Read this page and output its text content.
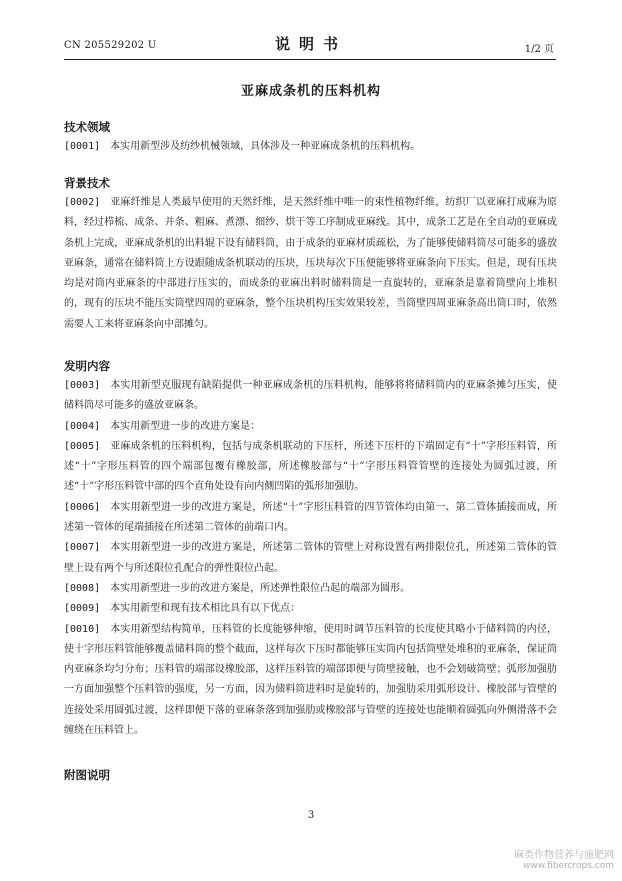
CN 205529202 U	说明书	1/2 页
亚麻成条机的压料机构

技术领域

[0001]  本实用新型涉及纺纱机械领域，具体涉及一种亚麻成条机的压料机构。

背景技术

[0002]  亚麻纤维是人类最早使用的天然纤维，是天然纤维中唯一的束性植物纤维，纺织厂以亚麻打成麻为原料，经过栉梳、成条、并条、粗麻、煮漂、细纱、烘干等工序制成亚麻线。其中，成条工艺是在全自动的亚麻成条机上完成，亚麻成条机的出料辊下设有储料筒，由于成条的亚麻材质疏松，为了能够使储料筒尽可能多的盛放亚麻条，通常在储料筒上方设跟随成条机联动的压块，压块每次下压便能够将亚麻条向下压实。但是，现有压块均是对筒内亚麻条的中部进行压实的，而成条的亚麻出料时储料筒是一直旋转的，亚麻条是靠着筒壁向上堆积的，现有的压块不能压实筒壁四周的亚麻条，整个压块机构压实效果较差，当筒壁四周亚麻条高出筒口时，依然需要人工来将亚麻条向中部摊匀。

发明内容

[0003]  本实用新型克服现有缺陷提供一种亚麻成条机的压料机构，能够将将储料筒内的亚麻条摊匀压实，使储料筒尽可能多的盛放亚麻条。

[0004]  本实用新型进一步的改进方案是：

[0005]  亚麻成条机的压料机构，包括与成条机联动的下压杆，所述下压杆的下端固定有“十”字形压料管，所述“十”字形压料管的四个端部包覆有橡胶部，所述橡胶部与“十”字形压料管管壁的连接处为圆弧过渡，所述“十”字形压料管中部的四个直角处设有向内侧凹陷的弧形加强肋。

[0006]  本实用新型进一步的改进方案是，所述“十”字形压料管的四节管体均由第一、第二管体插接而成，所述第一管体的尾端插接在所述第二管体的前端口内。

[0007]  本实用新型进一步的改进方案是，所述第二管体的管壁上对称设置有两排限位孔，所述第二管体的管壁上设有两个与所述限位孔配合的弹性限位凸起。

[0008]  本实用新型进一步的改进方案是，所述弹性限位凸起的端部为圆形。

[0009]  本实用新型和现有技术相比具有以下优点：

[0010]  本实用新型结构简单，压料管的长度能够伸缩，使用时调节压料管的长度使其略小于储料筒的内径，使十字形压料管能够覆盖储料筒的整个截面，这样每次下压时都能够压实筒内包括筒壁处堆积的亚麻条，保证筒内亚麻条均匀分布；压料管的端部设橡胶部，这样压料管的端部即便与筒壁接触，也不会划破筒壁；弧形加强肋一方面加强整个压料管的强度，另一方面，因为储料筒进料时是旋转的，加强肋采用弧形设计、橡胶部与管壁的连接处采用圆弧过渡，这样即便下落的亚麻条落到加强肋或橡胶部与管壁的连接处也能顺着圆弧向外侧滑落不会缠绕在压料管上。

附图说明

3
麻类作物营养与施肥网
www.fibercrops.com
